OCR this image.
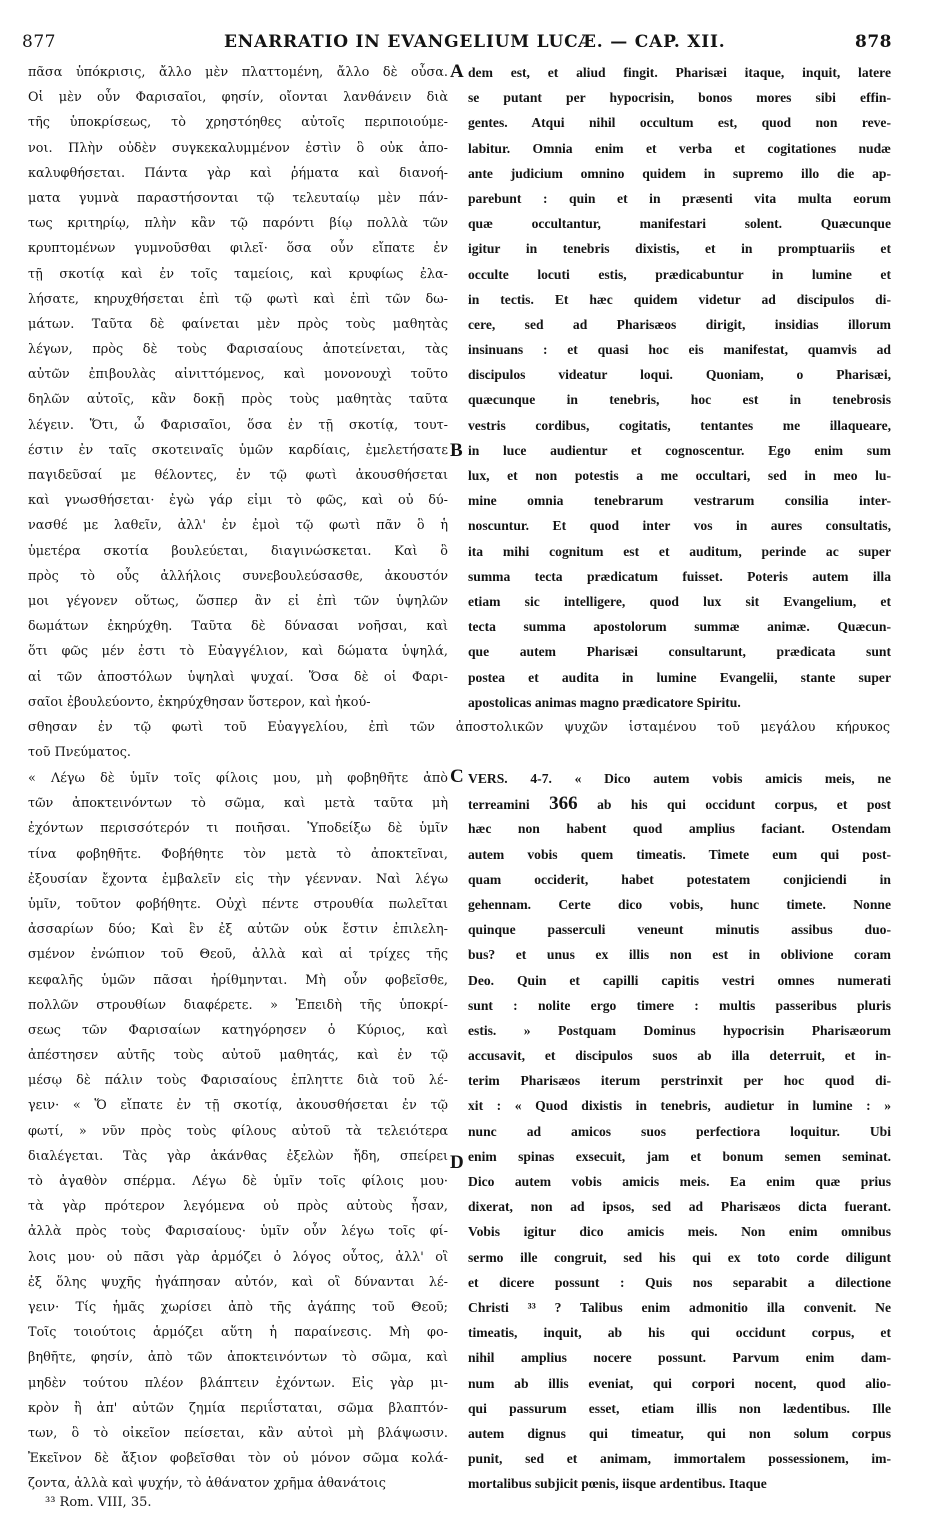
877	ENARRATIO IN EVANGELIUM LUCÆ. — CAP. XII.	878
πᾶσα ὑπόκρισις, ἄλλο μὲν πλαττομένη, ἄλλο δὲ οὖσα.
Οἱ μὲν οὖν Φαρισαῖοι, φησίν, οἴονται λανθάνειν διὰ
τῆς ὑποκρίσεως, τὸ χρηστόηθες αὐτοῖς περιποιούμε-
νοι. Πλὴν οὐδὲν συγκεκαλυμμένον ἐστὶν ὃ οὐκ ἀπο-
καλυφθήσεται. Πάντα γὰρ καὶ ῥήματα καὶ διανοή-
ματα γυμνὰ παραστήσονται τῷ τελευταίῳ μὲν πάν-
τως κριτηρίῳ, πλὴν κἂν τῷ παρόντι βίῳ πολλὰ τῶν
κρυπτομένων γυμνοῦσθαι φιλεῖ· ὅσα οὖν εἴπατε ἐν
τῇ σκοτίᾳ καὶ ἐν τοῖς ταμείοις, καὶ κρυφίως ἐλα-
λήσατε, κηρυχθήσεται ἐπὶ τῷ φωτὶ καὶ ἐπὶ τῶν δω-
μάτων. Ταῦτα δὲ φαίνεται μὲν πρὸς τοὺς μαθητὰς
λέγων, πρὸς δὲ τοὺς Φαρισαίους ἀποτείνεται, τὰς
αὐτῶν ἐπιβουλὰς αἰνιττόμενος, καὶ μονονουχὶ τοῦτο
δηλῶν αὐτοῖς, κἂν δοκῇ πρὸς τοὺς μαθητὰς ταῦτα
λέγειν. Ὅτι, ὦ Φαρισαῖοι, ὅσα ἐν τῇ σκοτίᾳ, τουτ-
έστιν ἐν ταῖς σκοτειναῖς ὑμῶν καρδίαις, ἐμελετήσατε
παγιδεῦσαί με θέλοντες, ἐν τῷ φωτὶ ἀκουσθήσεται
καὶ γνωσθήσεται· ἐγὼ γάρ εἰμι τὸ φῶς, καὶ οὐ δύ-
νασθέ με λαθεῖν, ἀλλ' ἐν ἐμοὶ τῷ φωτὶ πᾶν ὃ ἡ
ὑμετέρα σκοτία βουλεύεται, διαγινώσκεται. Καὶ ὃ
πρὸς τὸ οὖς ἀλλήλοις συνεβουλεύσασθε, ἀκουστόν
μοι γέγονεν οὕτως, ὥσπερ ἂν εἰ ἐπὶ τῶν ὑψηλῶν
δωμάτων ἐκηρύχθη. Ταῦτα δὲ δύνασαι νοῆσαι, καὶ
ὅτι φῶς μέν ἐστι τὸ Εὐαγγέλιον, καὶ δώματα ὑψηλά,
αἱ τῶν ἀποστόλων ὑψηλαὶ ψυχαί. Ὅσα δὲ οἱ Φαρι-
σαῖοι ἐβουλεύοντο, ἐκηρύχθησαν ὕστερον, καὶ ἠκού-
dem est, et aliud fingit. Pharisæi itaque, inquit, latere
se putant per hypocrisin, bonos mores sibi effin-
gentes. Atqui nihil occultum est, quod non reve-
labitur. Omnia enim et verba et cogitationes nudæ
ante judicium omnino quidem in supremo illo die ap-
parebunt : quin et in præsenti vita multa eorum
quæ occultantur, manifestari solent. Quæcunque
igitur in tenebris dixistis, et in promptuariis et
occulte locuti estis, prædicabuntur in lumine et
in tectis. Et hæc quidem videtur ad discipulos di-
cere, sed ad Pharisæos dirigit, insidias illorum
insinuans : et quasi hoc eis manifestat, quamvis ad
discipulos videatur loqui. Quoniam, o Pharisæi,
quæcunque in tenebris, hoc est in tenebrosis
vestris cordibus, cogitatis, tentantes me illaqueare,
in luce audientur et cognoscentur. Ego enim sum
lux, et non potestis a me occultari, sed in meo lu-
mine omnia tenebrarum vestrarum consilia inter-
noscuntur. Et quod inter vos in aures consultatis,
ita mihi cognitum est et auditum, perinde ac super
summa tecta prædicatum fuisset. Poteris autem illa
etiam sic intelligere, quod lux sit Evangelium, et
tecta summa apostolorum summæ animæ. Quæcun-
que autem Pharisæi consultarunt, prædicata sunt
postea et audita in lumine Evangelii, stante super
apostolicas animas magno prædicatore Spiritu.
σθησαν ἐν τῷ φωτὶ τοῦ Εὐαγγελίου, ἐπὶ τῶν ἀποστολικῶν ψυχῶν ἱσταμένου τοῦ μεγάλου κήρυκος
τοῦ Πνεύματος.
« Λέγω δὲ ὑμῖν τοῖς φίλοις μου, μὴ φοβηθῆτε ἀπὸ
τῶν ἀποκτεινόντων τὸ σῶμα, καὶ μετὰ ταῦτα μὴ
ἐχόντων περισσότερόν τι ποιῆσαι. Ὑποδείξω δὲ ὑμῖν
τίνα φοβηθῆτε. Φοβήθητε τὸν μετὰ τὸ ἀποκτεῖναι,
ἐξουσίαν ἔχοντα ἐμβαλεῖν εἰς τὴν γέενναν. Ναὶ λέγω
ὑμῖν, τοῦτον φοβήθητε. Οὐχὶ πέντε στρουθία πωλεῖται
ἀσσαρίων δύο; Καὶ ἓν ἐξ αὐτῶν οὐκ ἔστιν ἐπιλελη-
σμένον ἐνώπιον τοῦ Θεοῦ, ἀλλὰ καὶ αἱ τρίχες τῆς
κεφαλῆς ὑμῶν πᾶσαι ἠρίθμηνται. Μὴ οὖν φοβεῖσθε,
πολλῶν στρουθίων διαφέρετε. » Ἐπειδὴ τῆς ὑποκρί-
σεως τῶν Φαρισαίων κατηγόρησεν ὁ Κύριος, καὶ
ἀπέστησεν αὐτῆς τοὺς αὐτοῦ μαθητάς, καὶ ἐν τῷ
μέσῳ δὲ πάλιν τοὺς Φαρισαίους ἐπληττε διὰ τοῦ λέ-
γειν· « Ὅ εἴπατε ἐν τῇ σκοτίᾳ, ἀκουσθήσεται ἐν τῷ
φωτί, » νῦν πρὸς τοὺς φίλους αὐτοῦ τὰ τελειότερα
διαλέγεται. Τὰς γὰρ ἀκάνθας ἐξελὼν ἤδη, σπείρει
τὸ ἀγαθὸν σπέρμα. Λέγω δὲ ὑμῖν τοῖς φίλοις μου·
τὰ γὰρ πρότερον λεγόμενα οὐ πρὸς αὐτοὺς ἦσαν,
ἀλλὰ πρὸς τοὺς Φαρισαίους· ὑμῖν οὖν λέγω τοῖς φί-
λοις μου· οὐ πᾶσι γὰρ ἁρμόζει ὁ λόγος οὗτος, ἀλλ' οἳ
ἐξ ὅλης ψυχῆς ἠγάπησαν αὐτόν, καὶ οἳ δύνανται λέ-
γειν· Τίς ἡμᾶς χωρίσει ἀπὸ τῆς ἀγάπης τοῦ Θεοῦ;
Τοῖς τοιούτοις ἁρμόζει αὕτη ἡ παραίνεσις. Μὴ φο-
βηθῆτε, φησίν, ἀπὸ τῶν ἀποκτεινόντων τὸ σῶμα, καὶ
μηδὲν τούτου πλέον βλάπτειν ἐχόντων. Εἰς γὰρ μι-
κρὸν ἢ ἀπ' αὐτῶν ζημία περιΐσταται, σῶμα βλαπτόν-
των, ὃ τὸ οἰκεῖον πείσεται, κἂν αὐτοὶ μὴ βλάψωσιν.
Ἐκεῖνον δὲ ἄξιον φοβεῖσθαι τὸν οὐ μόνον σῶμα κολά-
ζοντα, ἀλλὰ καὶ ψυχήν, τὸ ἀθάνατον χρῆμα ἀθανάτοις
VERS. 4-7. « Dico autem vobis amicis meis, ne
terreamini 366 ab his qui occidunt corpus, et post
hæc non habent quod amplius faciant. Ostendam
autem vobis quem timeatis. Timete eum qui post-
quam occiderit, habet potestatem conjiciendi in
gehennam. Certe dico vobis, hunc timete. Nonne
quinque passerculi veneunt minutis assibus duo-
bus? et unus ex illis non est in oblivione coram
Deo. Quin et capilli capitis vestri omnes numerati
sunt : nolite ergo timere : multis passeribus pluris
estis. » Postquam Dominus hypocrisin Pharisæorum
accusavit, et discipulos suos ab illa deterruit, et in-
terim Pharisæos iterum perstrinxit per hoc quod di-
xit : « Quod dixistis in tenebris, audietur in lumine : »
nunc ad amicos suos perfectiora loquitur. Ubi
enim spinas exsecuit, jam et bonum semen seminat.
Dico autem vobis amicis meis. Ea enim quæ prius
dixerat, non ad ipsos, sed ad Pharisæos dicta fuerant.
Vobis igitur dico amicis meis. Non enim omnibus
sermo ille congruit, sed his qui ex toto corde diligunt
et dicere possunt : Quis nos separabit a dilectione
Christi ³³ ? Talibus enim admonitio illa convenit. Ne
timeatis, inquit, ab his qui occidunt corpus, et
nihil amplius nocere possunt. Parvum enim dam-
num ab illis eveniat, qui corpori nocent, quod alio-
qui passurum esset, etiam illis non lædentibus. Ille
autem dignus qui timeatur, qui non solum corpus
punit, sed et animam, immortalem possessionem, im-
mortalibus subjicit pœnis, iisque ardentibus. Itaque
A
B
C
D
³³ Rom. VIII, 35.
